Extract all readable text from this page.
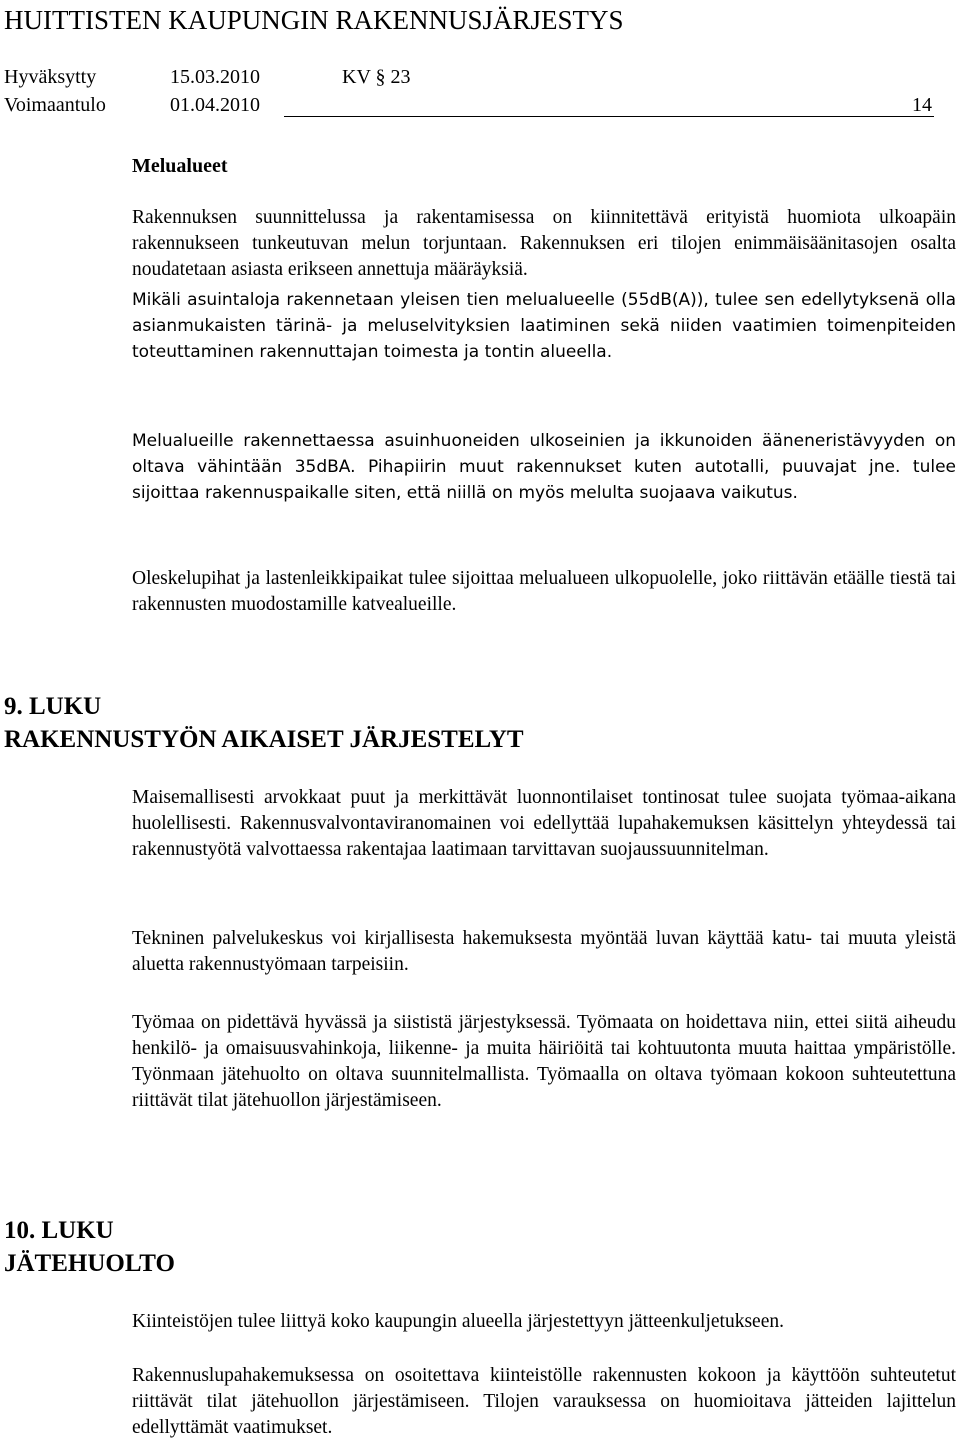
HUITTISTEN KAUPUNGIN RAKENNUSJÄRJESTYS
Hyväksytty	15.03.2010	KV § 23
Voimaantulo	01.04.2010	14
Melualueet

Rakennuksen suunnittelussa ja rakentamisessa on kiinnitettävä erityistä huomiota ulkoapäin rakennukseen tunkeutuvan melun torjuntaan. Rakennuksen eri tilojen enimmäisäänitasojen osalta noudatetaan asiasta erikseen annettuja määräyksiä.

Mikäli asuintaloja rakennetaan yleisen tien melualueelle (55dB(A)), tulee sen edellytyksenä olla asianmukaisten tärinä- ja meluselvityksien laatiminen sekä niiden vaatimien toimenpiteiden toteuttaminen rakennuttajan toimesta ja tontin alueella.

Melualueille rakennettaessa asuinhuoneiden ulkoseinien ja ikkunoiden ääneneristävyyden on oltava vähintään 35dBA. Pihapiirin muut rakennukset kuten autotalli, puuvajat jne. tulee sijoittaa rakennuspaikalle siten, että niillä on myös melulta suojaava vaikutus.

Oleskelupihat ja lastenleikkipaikat tulee sijoittaa melualueen ulkopuolelle, joko riittävän etäälle tiestä tai rakennusten muodostamille katvealueille.

9. LUKU
RAKENNUSTYÖN AIKAISET JÄRJESTELYT

Maisemallisesti arvokkaat puut ja merkittävät luonnontilaiset tontinosat tulee suojata työmaa-aikana huolellisesti. Rakennusvalvontaviranomainen voi edellyttää lupahakemuksen käsittelyn yhteydessä tai rakennustyötä valvottaessa rakentajaa laatimaan tarvittavan suojaussuunnitelman.

Tekninen palvelukeskus voi kirjallisesta hakemuksesta myöntää luvan käyttää katu- tai muuta yleistä aluetta rakennustyömaan tarpeisiin.

Työmaa on pidettävä hyvässä ja siististä järjestyksessä. Työmaata on hoidettava niin, ettei siitä aiheudu henkilö- ja omaisuusvahinkoja, liikenne- ja muita häiriöitä tai kohtuutonta muuta haittaa ympäristölle. Työnmaan jätehuolto on oltava suunnitelmallista. Työmaalla on oltava työmaan kokoon suhteutettuna riittävät tilat jätehuollon järjestämiseen.

10. LUKU
JÄTEHUOLTO

Kiinteistöjen tulee liittyä koko kaupungin alueella järjestettyyn jätteenkuljetukseen.

Rakennuslupahakemuksessa on osoitettava kiinteistölle rakennusten kokoon ja käyttöön suhteutetut riittävät tilat jätehuollon järjestämiseen. Tilojen varauksessa on huomioitava jätteiden lajittelun edellyttämät vaatimukset.
